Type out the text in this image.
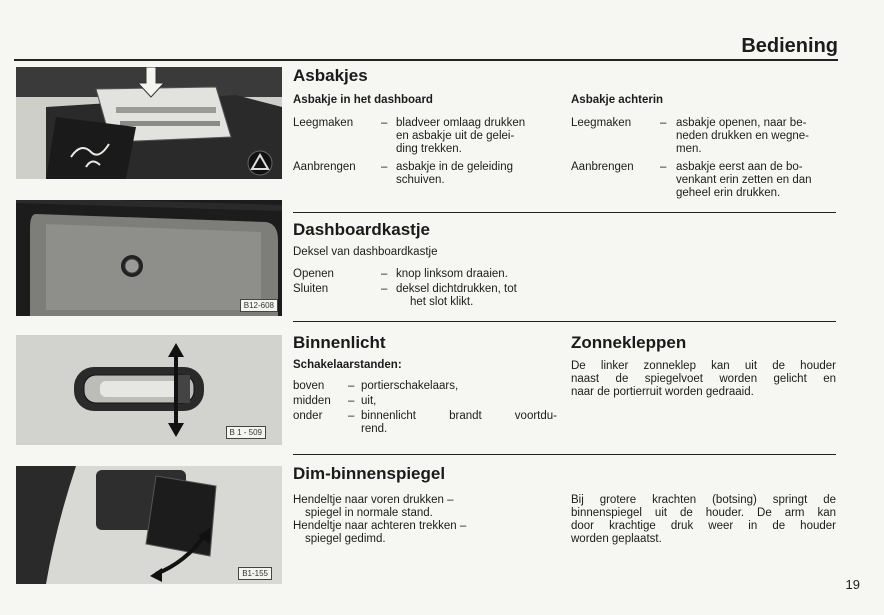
Bediening
B12-608
B 1 - 509
B1-155
Asbakjes
Asbakje in het dashboard	Asbakje achterin
Leegmaken – bladveer omlaag drukken
en asbakje uit de gelei-
ding trekken.
Aanbrengen – asbakje in de geleiding
schuiven.
Leegmaken	– asbakje openen, naar be-
neden drukken en wegne-
men.
Aanbrengen – asbakje eerst aan de bo-
venkant erin zetten en dan
geheel erin drukken.
Dashboardkastje
Deksel van dashboardkastje
Openen	– knop linksom draaien.
Sluiten	– deksel dichtdrukken, tot
het slot klikt.
Binnenlicht
Schakelaarstanden:
boven – portierschakelaars,
midden – uit,
onder – binnenlicht brandt voortdu-
rend.
Zonnekleppen
De linker zonneklep kan uit de houder
naast de spiegelvoet worden gelicht en
naar de portierruit worden gedraaid.
Dim-binnenspiegel
Hendeltje naar voren drukken –
spiegel in normale stand.
Hendeltje naar achteren trekken –
spiegel gedimd.
Bij grotere krachten (botsing) springt de
binnenspiegel uit de houder. De arm kan
door krachtige druk weer in de houder
worden geplaatst.
19
